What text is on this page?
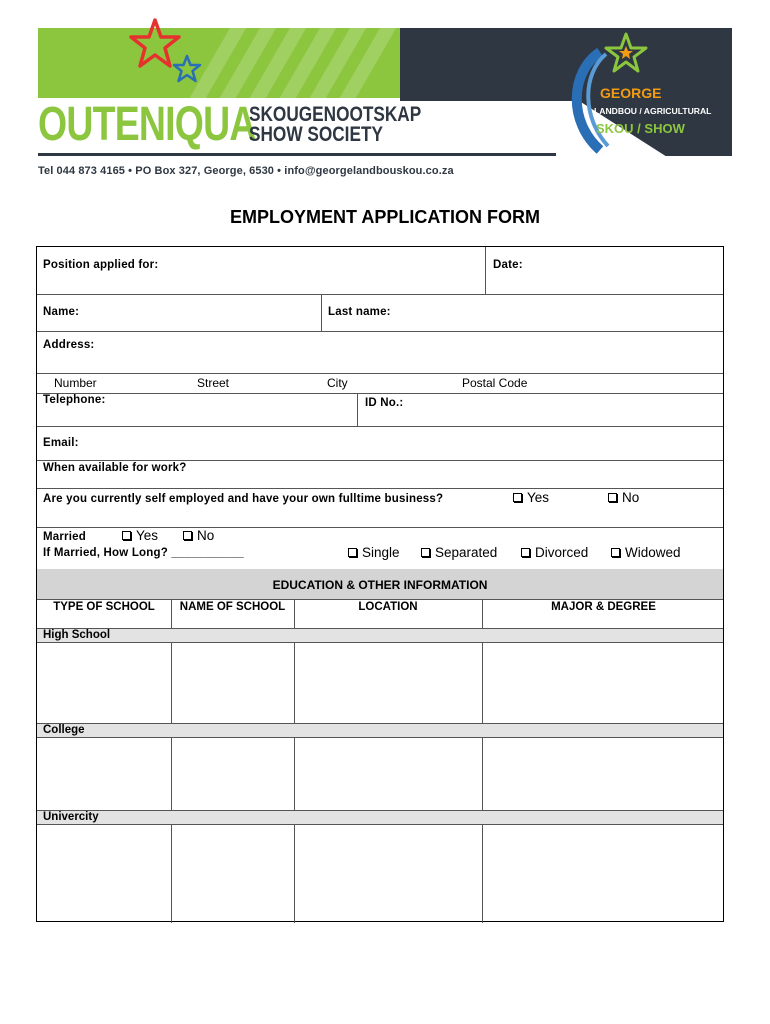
GEORGE
LANDBOU / AGRICULTURAL
SKOU / SHOW
OUTENIQUA
SKOUGENOOTSKAP
SHOW SOCIETY
Tel 044 873 4165 • PO Box 327, George, 6530 • info@georgelandbouskou.co.za
EMPLOYMENT APPLICATION FORM
Position applied for:	Date:
Name:	Last name:
Address:
Number	Street	City	Postal Code
Telephone:	ID No.:
Email:
When available for work?
Are you currently self employed and have your own fulltime business?	Yes	No
Married	Yes	No
If Married, How Long? ___________	Single	Separated	Divorced	Widowed
EDUCATION & OTHER INFORMATION
TYPE OF SCHOOL	NAME OF SCHOOL	LOCATION	MAJOR & DEGREE
High School
College
Univercity
